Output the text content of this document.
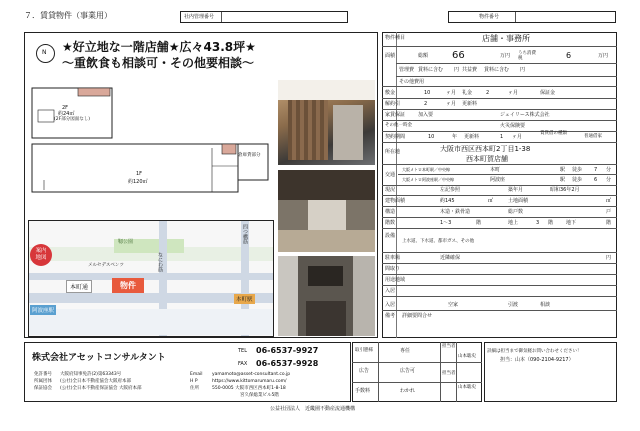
７．賃貸物件（事業用）	社内管理番号	物件番号
N ★好立地な一階店舗★広々43.8坪★
～重飲食も相談可・その他要相談～
2F
約24㎡
(2F部分図面なし)
1F
約120㎡
倉庫貸部分
案内
地図
靱公園
なにわ筋
四つ橋筋
メルセデスベンツ
本町通	物件
本町駅
阿波座駅
物件種目	店舗・事務所
面積	総額 66	万円 うち消費税	6	万円
管理費 賃料に含む 円 共益費 賃料に含む 円
その他費用
敷金	10	ヶ月 礼金	2	ヶ月	保証金
解約引	2	ヶ月 更新料
家賃保証	加入要	ジェイリース株式会社
その他一時金	火災保険要
契約期間	10	年 更新料	1 ヶ月
賃貸借の種類
普通借家
所在地	大阪市西区西本町2丁目1-38
西本町賀店舗
交通
大阪メトロ本町駅／中央線	本町	駅 徒歩 7 分
大阪メトロ阿波座駅／中央線	阿波座	駅 徒歩 6 分
現況	左記参照	築年月	昭和36年2月
建物面積	約145	㎡	土地面積	㎡
構造	木造・鉄骨造	総戸数	戸
階数	1～3	階	地上	3 階	地下	階
設備
上水道、下水道、都市ガス、その他
駐車場	近隣確保	円
間取り
用途地域
入居
入居	空家	引渡	相談
備考 詳細要問合せ
株式会社アセットコンサルタント
TEL 06-6537-9927
FAX 06-6537-9928
免許番号 大阪府知事免許(2)第63343号
所属団体 (公社)全日本不動産協会大阪府本部
保証協会 (公社)全日本不動産保証協会 大阪府本部
Email yamamoto@asset-consultant.co.jp
H P	https://www.kittomarumaru.com/
住所	550-0005 大阪市西区西本町1-8-18
宮久保総業ビル5階
取引態様	専任
広告	広告可
手数料	わかれ
担当者
山本聡史
担当者
山本聡史
詳細は担当まで御気軽お問い合わせください！
担当：山本（090-2104-9217）
公益社団法人　近畿圏不動産流通機構
